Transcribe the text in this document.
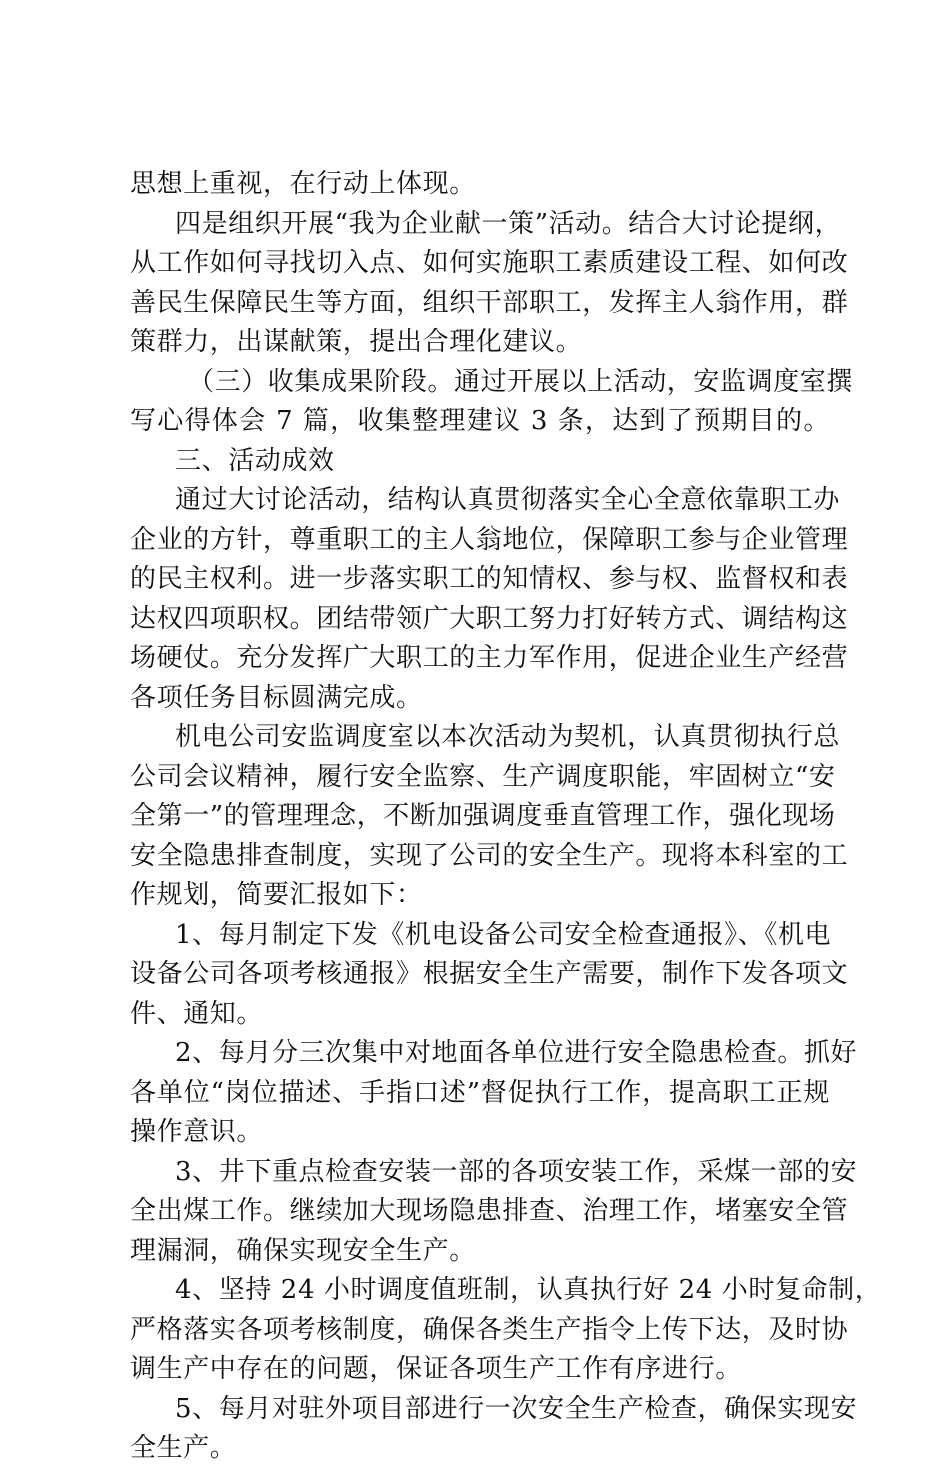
思想上重视，在行动上体现。

四是组织开展“我为企业献一策”活动。结合大讨论提纲，

从工作如何寻找切入点、如何实施职工素质建设工程、如何改

善民生保障民生等方面，组织干部职工，发挥主人翁作用，群

策群力，出谋献策，提出合理化建议。

（三）收集成果阶段。通过开展以上活动，安监调度室撰

写心得体会 7 篇，收集整理建议 3 条，达到了预期目的。

三、活动成效

通过大讨论活动，结构认真贯彻落实全心全意依靠职工办

企业的方针，尊重职工的主人翁地位，保障职工参与企业管理

的民主权利。进一步落实职工的知情权、参与权、监督权和表

达权四项职权。团结带领广大职工努力打好转方式、调结构这

场硬仗。充分发挥广大职工的主力军作用，促进企业生产经营

各项任务目标圆满完成。

机电公司安监调度室以本次活动为契机，认真贯彻执行总

公司会议精神，履行安全监察、生产调度职能，牢固树立“安

全第一”的管理理念，不断加强调度垂直管理工作，强化现场

安全隐患排查制度，实现了公司的安全生产。现将本科室的工

作规划，简要汇报如下：

1、每月制定下发《机电设备公司安全检查通报》、《机电

设备公司各项考核通报》根据安全生产需要，制作下发各项文

件、通知。

2、每月分三次集中对地面各单位进行安全隐患检查。抓好

各单位“岗位描述、手指口述”督促执行工作，提高职工正规

操作意识。

3、井下重点检查安装一部的各项安装工作，采煤一部的安

全出煤工作。继续加大现场隐患排查、治理工作，堵塞安全管

理漏洞，确保实现安全生产。

4、坚持 24 小时调度值班制，认真执行好 24 小时复命制，

严格落实各项考核制度，确保各类生产指令上传下达，及时协

调生产中存在的问题，保证各项生产工作有序进行。

5、每月对驻外项目部进行一次安全生产检查，确保实现安

全生产。
